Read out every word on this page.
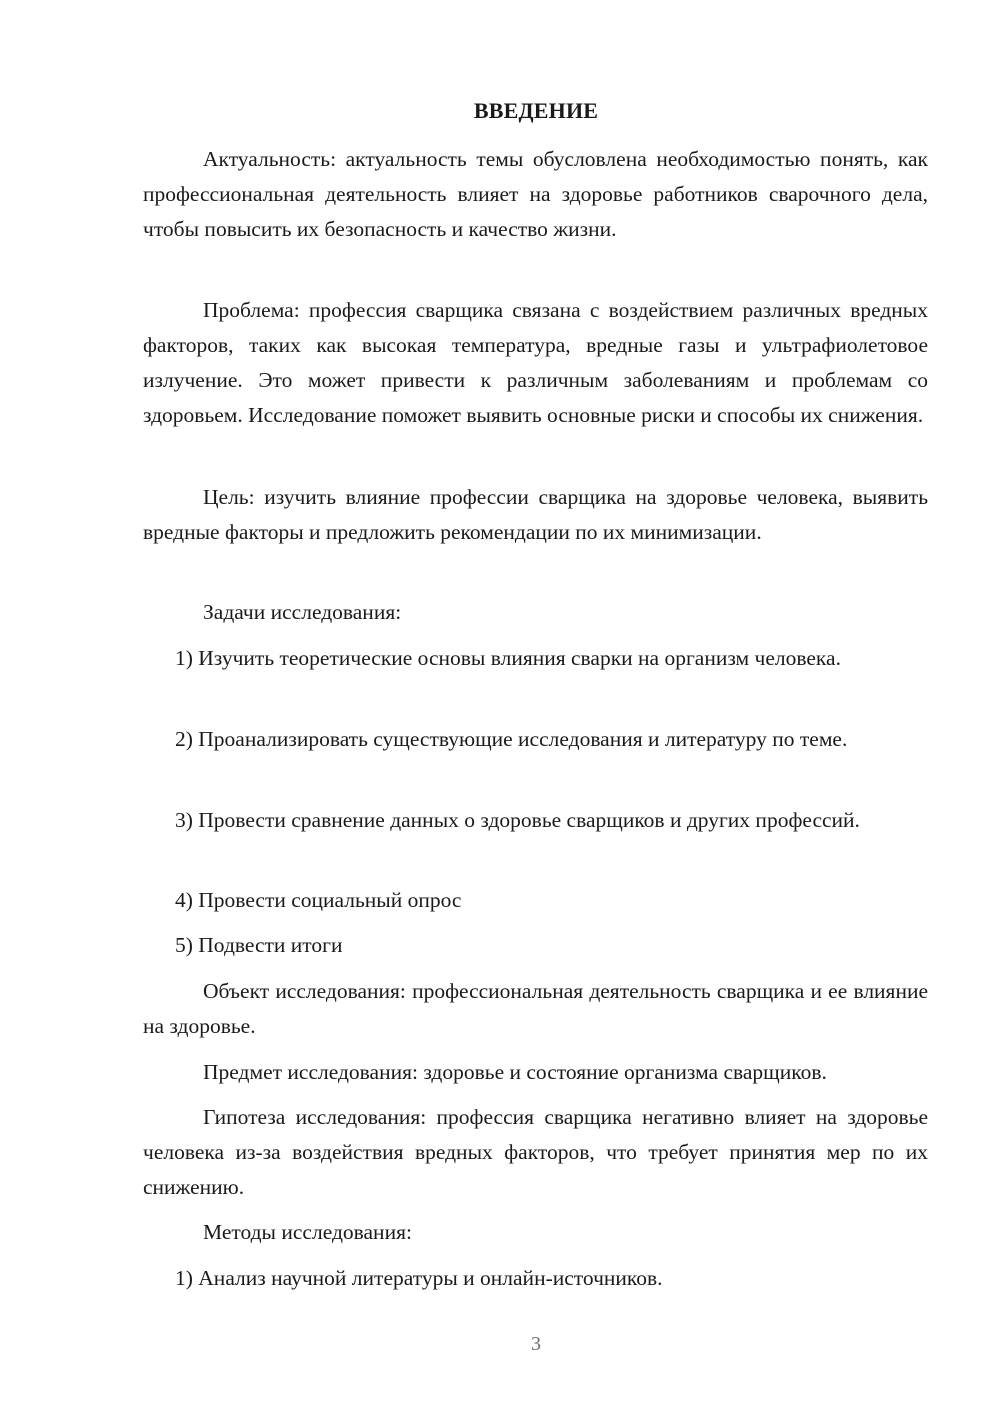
ВВЕДЕНИЕ

Актуальность: актуальность темы обусловлена необходимостью понять, как профессиональная деятельность влияет на здоровье работников сварочного дела, чтобы повысить их безопасность и качество жизни.

Проблема: профессия сварщика связана с воздействием различных вредных факторов, таких как высокая температура, вредные газы и ультрафиолетовое излучение. Это может привести к различным заболеваниям и проблемам со здоровьем. Исследование поможет выявить основные риски и способы их снижения.

Цель: изучить влияние профессии сварщика на здоровье человека, выявить вредные факторы и предложить рекомендации по их минимизации.

Задачи исследования:

1) Изучить теоретические основы влияния сварки на организм человека.

2) Проанализировать существующие исследования и литературу по теме.

3) Провести сравнение данных о здоровье сварщиков и других профессий.

4) Провести социальный опрос

5) Подвести итоги

Объект исследования: профессиональная деятельность сварщика и ее влияние на здоровье.

Предмет исследования: здоровье и состояние организма сварщиков.

Гипотеза исследования: профессия сварщика негативно влияет на здоровье человека из-за воздействия вредных факторов, что требует принятия мер по их снижению.

Методы исследования:

1) Анализ научной литературы и онлайн-источников.

3
